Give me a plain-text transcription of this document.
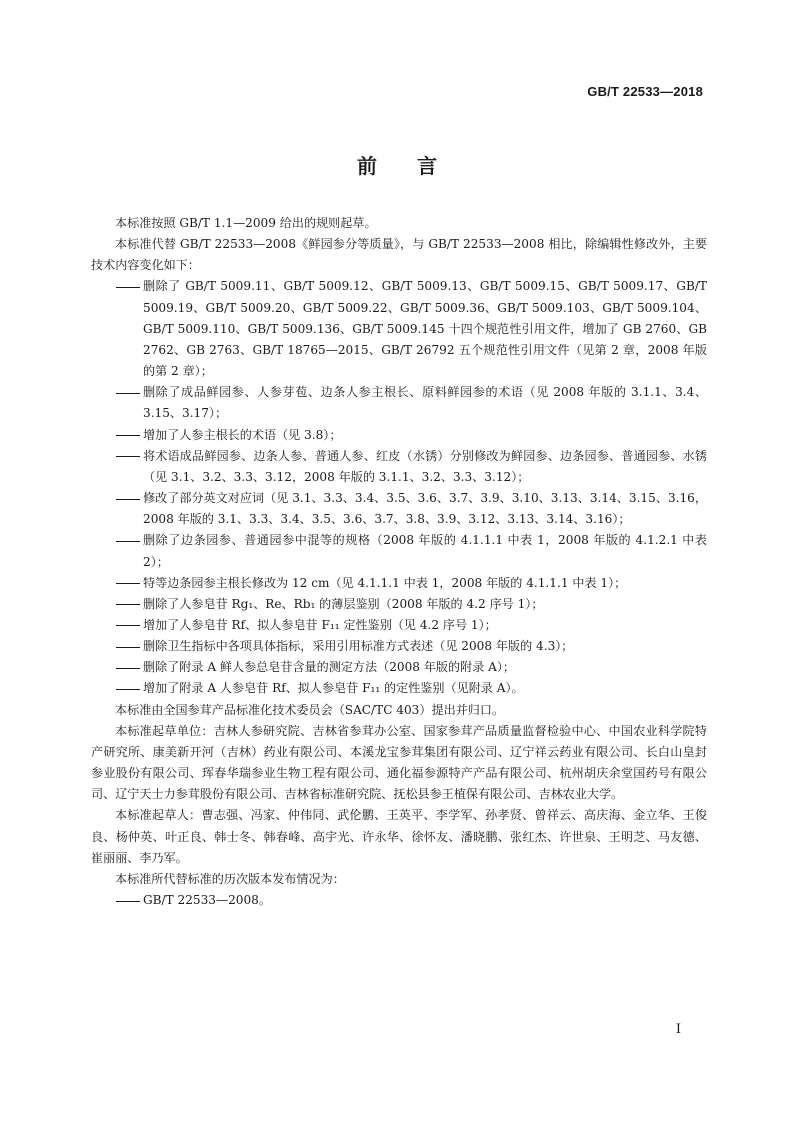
GB/T 22533—2018
前言

本标准按照 GB/T 1.1—2009 给出的规则起草。

本标准代替 GB/T 22533—2008《鲜园参分等质量》，与 GB/T 22533—2008 相比，除编辑性修改外，主要技术内容变化如下：

删除了 GB/T 5009.11、GB/T 5009.12、GB/T 5009.13、GB/T 5009.15、GB/T 5009.17、GB/T 5009.19、GB/T 5009.20、GB/T 5009.22、GB/T 5009.36、GB/T 5009.103、GB/T 5009.104、GB/T 5009.110、GB/T 5009.136、GB/T 5009.145 十四个规范性引用文件，增加了 GB 2760、GB 2762、GB 2763、GB/T 18765—2015、GB/T 26792 五个规范性引用文件（见第 2 章，2008 年版的第 2 章）；

删除了成品鲜园参、人参芽苞、边条人参主根长、原料鲜园参的术语（见 2008 年版的 3.1.1、3.4、3.15、3.17）；

增加了人参主根长的术语（见 3.8）；

将术语成品鲜园参、边条人参、普通人参、红皮（水锈）分别修改为鲜园参、边条园参、普通园参、水锈（见 3.1、3.2、3.3、3.12，2008 年版的 3.1.1、3.2、3.3、3.12）；

修改了部分英文对应词（见 3.1、3.3、3.4、3.5、3.6、3.7、3.9、3.10、3.13、3.14、3.15、3.16，2008 年版的 3.1、3.3、3.4、3.5、3.6、3.7、3.8、3.9、3.12、3.13、3.14、3.16）；

删除了边条园参、普通园参中混等的规格（2008 年版的 4.1.1.1 中表 1，2008 年版的 4.1.2.1 中表 2）；

特等边条园参主根长修改为 12 cm（见 4.1.1.1 中表 1，2008 年版的 4.1.1.1 中表 1）；

删除了人参皂苷 Rg₁、Re、Rb₁ 的薄层鉴别（2008 年版的 4.2 序号 1）；

增加了人参皂苷 Rf、拟人参皂苷 F₁₁ 定性鉴别（见 4.2 序号 1）；

删除卫生指标中各项具体指标，采用引用标准方式表述（见 2008 年版的 4.3）；

删除了附录 A 鲜人参总皂苷含量的测定方法（2008 年版的附录 A）；

增加了附录 A 人参皂苷 Rf、拟人参皂苷 F₁₁ 的定性鉴别（见附录 A）。

本标准由全国参茸产品标准化技术委员会（SAC/TC 403）提出并归口。

本标准起草单位：吉林人参研究院、吉林省参茸办公室、国家参茸产品质量监督检验中心、中国农业科学院特产研究所、康美新开河（吉林）药业有限公司、本溪龙宝参茸集团有限公司、辽宁祥云药业有限公司、长白山皇封参业股份有限公司、珲春华瑞参业生物工程有限公司、通化福参源特产产品有限公司、杭州胡庆余堂国药号有限公司、辽宁天士力参茸股份有限公司、吉林省标准研究院、抚松县参王植保有限公司、吉林农业大学。

本标准起草人：曹志强、冯家、仲伟同、武伦鹏、王英平、李学军、孙孝贤、曾祥云、高庆海、金立华、王俊良、杨仲英、叶正良、韩士冬、韩春峰、高宇光、许永华、徐怀友、潘晓鹏、张红杰、许世泉、王明芝、马友德、崔丽丽、李乃军。

本标准所代替标准的历次版本发布情况为：

GB/T 22533—2008。

I
